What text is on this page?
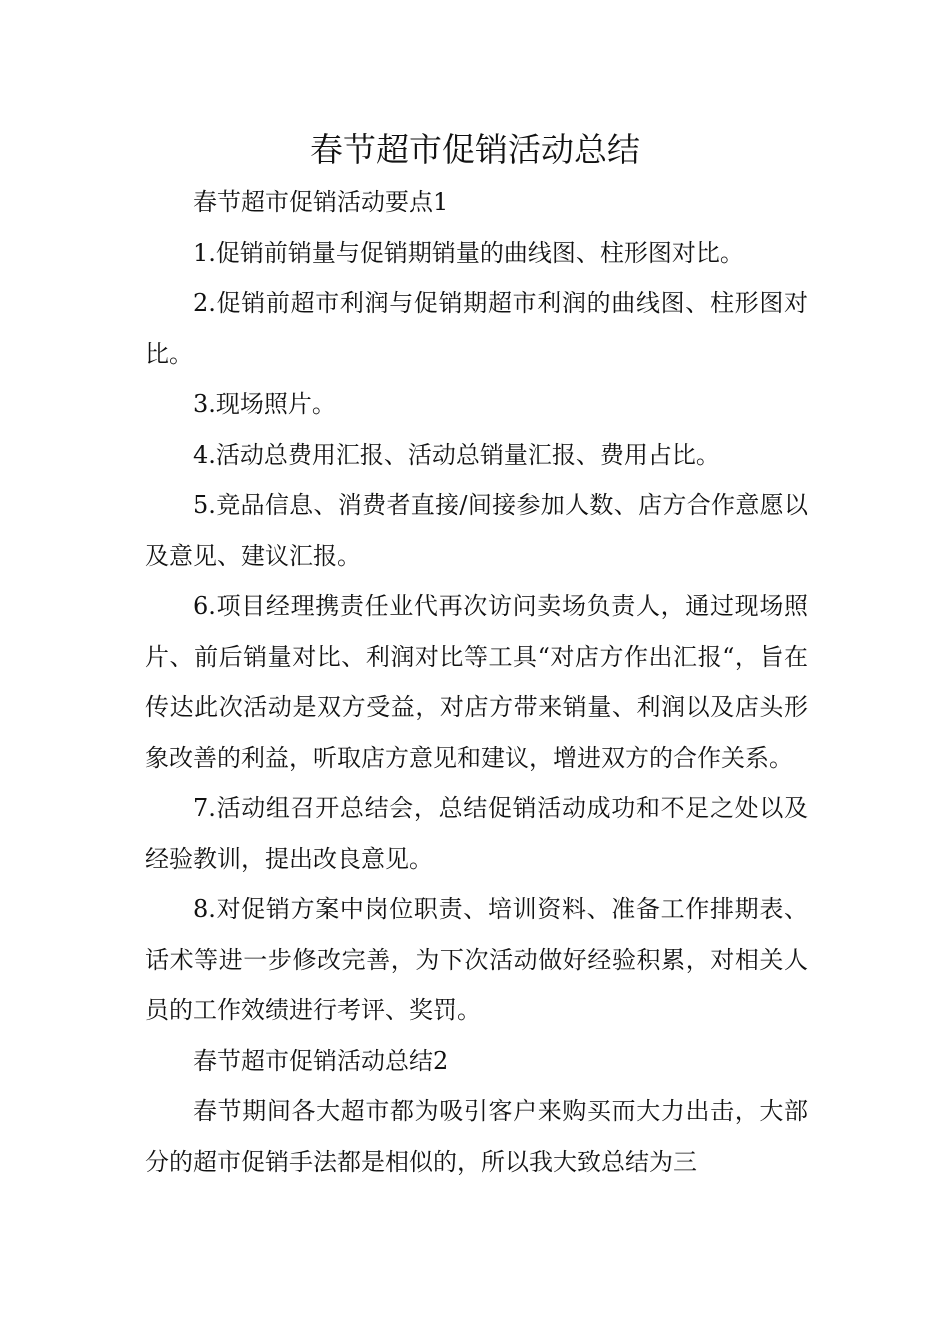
春节超市促销活动总结

春节超市促销活动要点1

1.促销前销量与促销期销量的曲线图、柱形图对比。

2.促销前超市利润与促销期超市利润的曲线图、柱形图对比。

3.现场照片。

4.活动总费用汇报、活动总销量汇报、费用占比。

5.竞品信息、消费者直接/间接参加人数、店方合作意愿以及意见、建议汇报。

6.项目经理携责任业代再次访问卖场负责人，通过现场照片、前后销量对比、利润对比等工具“对店方作出汇报“，旨在传达此次活动是双方受益，对店方带来销量、利润以及店头形象改善的利益，听取店方意见和建议，增进双方的合作关系。

7.活动组召开总结会，总结促销活动成功和不足之处以及经验教训，提出改良意见。

8.对促销方案中岗位职责、培训资料、准备工作排期表、话术等进一步修改完善，为下次活动做好经验积累，对相关人员的工作效绩进行考评、奖罚。

春节超市促销活动总结2

春节期间各大超市都为吸引客户来购买而大力出击，大部分的超市促销手法都是相似的，所以我大致总结为三
